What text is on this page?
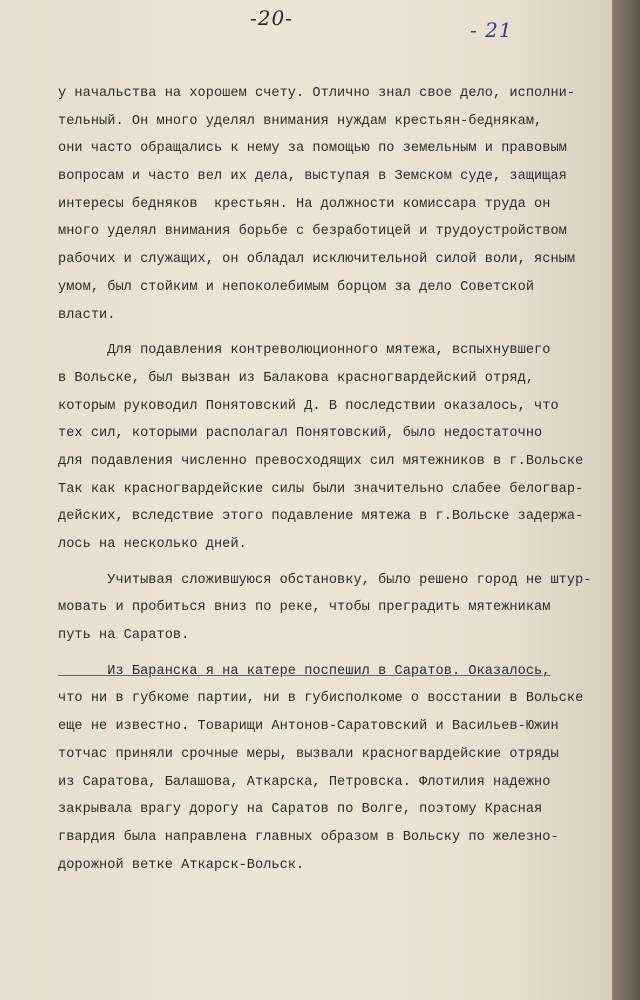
-20-	- 21
у начальства на хорошем счету. Отлично знал свое дело, исполни-
тельный. Он много уделял внимания нуждам крестьян-беднякам,
они часто обращались к нему за помощью по земельным и правовым
вопросам и часто вел их дела, выступая в Земском суде, защищая
интересы бедняков  крестьян. На должности комиссара труда он
много уделял внимания борьбе с безработицей и трудоустройством
рабочих и служащих, он обладал исключительной силой воли, ясным
умом, был стойким и непоколебимым борцом за дело Советской
власти.
Для подавления контреволюционного мятежа, вспыхнувшего
в Вольске, был вызван из Балакова красногвардейский отряд,
которым руководил Понятовский Д. В последствии оказалось, что
тех сил, которыми располагал Понятовский, было недостаточно
для подавления численно превосходящих сил мятежников в г.Вольске
Так как красногвардейские силы были значительно слабее белогвар-
дейских, вследствие этого подавление мятежа в г.Вольске задержа-
лось на несколько дней.
Учитывая сложившуюся обстановку, было решено город не штур-
мовать и пробиться вниз по реке, чтобы преградить мятежникам
путь на Саратов.
Из Баранска я на катере поспешил в Саратов. Оказалось,
что ни в губкоме партии, ни в губисполкоме о восстании в Вольске
еще не известно. Товарищи Антонов-Саратовский и Васильев-Южин
тотчас приняли срочные меры, вызвали красногвардейские отряды
из Саратова, Балашова, Аткарска, Петровска. Флотилия надежно
закрывала врагу дорогу на Саратов по Волге, поэтому Красная
гвардия была направлена главных образом в Вольску по железно-
дорожной ветке Аткарск-Вольск.
